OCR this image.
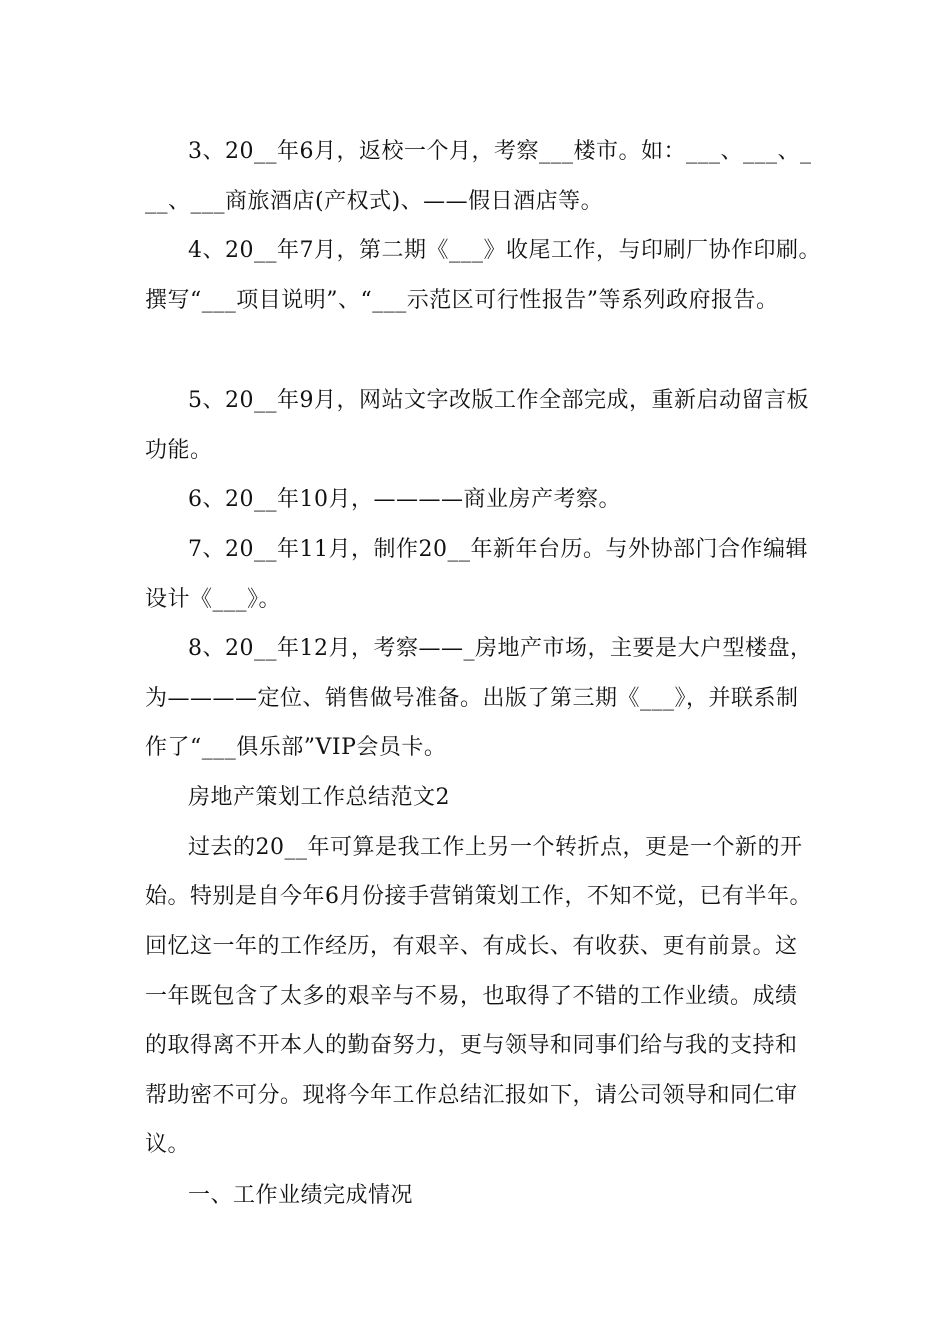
3、20__年6月，返校一个月，考察___楼市。如：___、___、_
__、___商旅酒店(产权式)、——假日酒店等。
4、20__年7月，第二期《___》收尾工作，与印刷厂协作印刷。
撰写“___项目说明”、“___示范区可行性报告”等系列政府报告。
5、20__年9月，网站文字改版工作全部完成，重新启动留言板
功能。
6、20__年10月，————商业房产考察。
7、20__年11月，制作20__年新年台历。与外协部门合作编辑
设计《___》。
8、20__年12月，考察——_房地产市场，主要是大户型楼盘，
为————定位、销售做号准备。出版了第三期《___》，并联系制
作了“___俱乐部”VIP会员卡。
房地产策划工作总结范文2
过去的20__年可算是我工作上另一个转折点，更是一个新的开
始。特别是自今年6月份接手营销策划工作，不知不觉，已有半年。
回忆这一年的工作经历，有艰辛、有成长、有收获、更有前景。这
一年既包含了太多的艰辛与不易，也取得了不错的工作业绩。成绩
的取得离不开本人的勤奋努力，更与领导和同事们给与我的支持和
帮助密不可分。现将今年工作总结汇报如下，请公司领导和同仁审
议。
一、工作业绩完成情况
